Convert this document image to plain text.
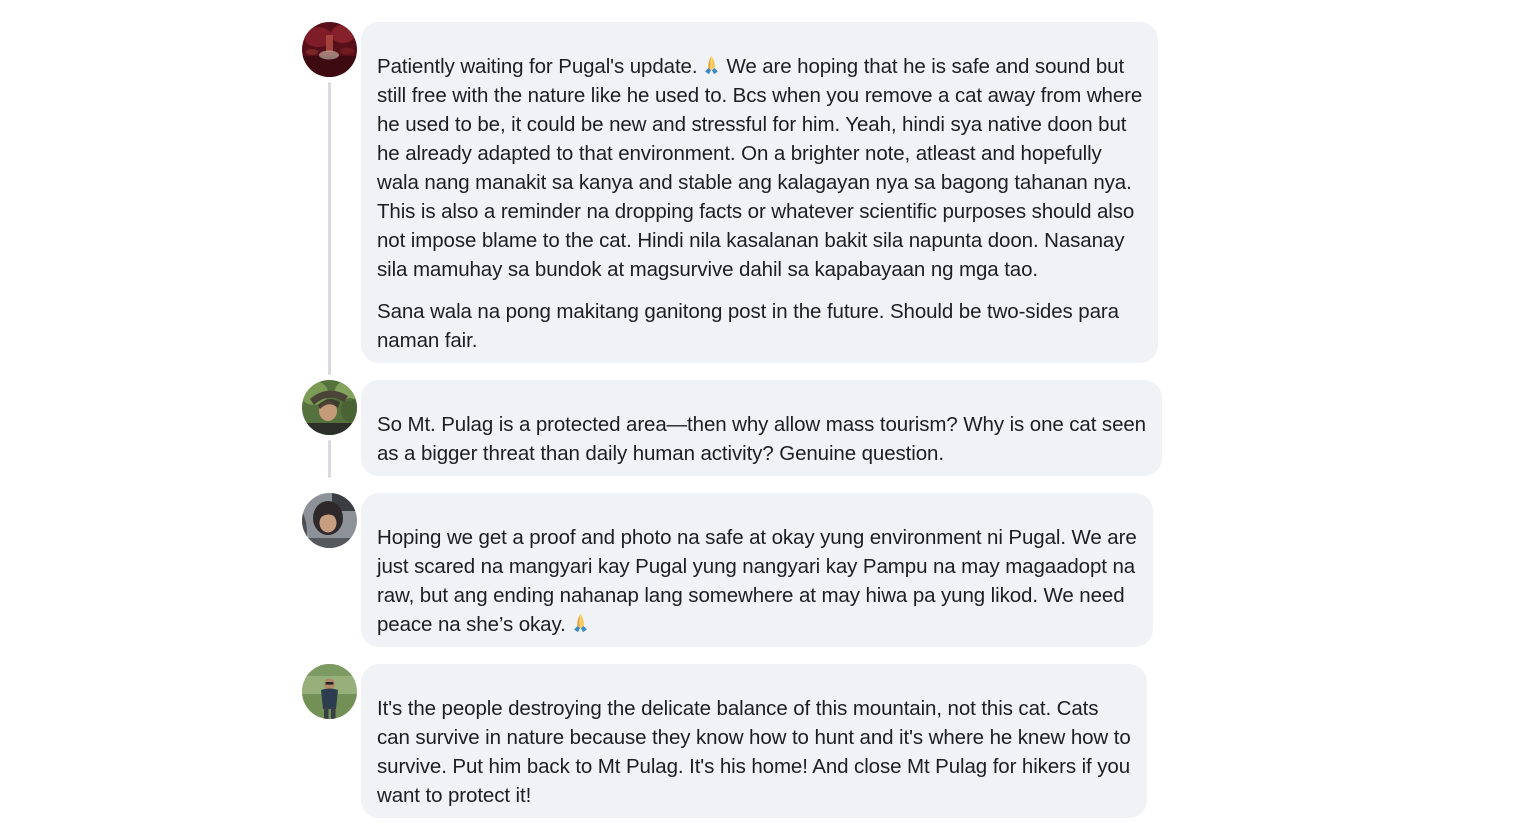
Patiently waiting for Pugal's update. We are hoping that he is safe and sound but
still free with the nature like he used to. Bcs when you remove a cat away from where
he used to be, it could be new and stressful for him. Yeah, hindi sya native doon but
he already adapted to that environment. On a brighter note, atleast and hopefully
wala nang manakit sa kanya and stable ang kalagayan nya sa bagong tahanan nya.
This is also a reminder na dropping facts or whatever scientific purposes should also
not impose blame to the cat. Hindi nila kasalanan bakit sila napunta doon. Nasanay
sila mamuhay sa bundok at magsurvive dahil sa kapabayaan ng mga tao.

Sana wala na pong makitang ganitong post in the future. Should be two-sides para
naman fair.

So Mt. Pulag is a protected area—then why allow mass tourism? Why is one cat seen
as a bigger threat than daily human activity? Genuine question.

Hoping we get a proof and photo na safe at okay yung environment ni Pugal. We are
just scared na mangyari kay Pugal yung nangyari kay Pampu na may magaadopt na
raw, but ang ending nahanap lang somewhere at may hiwa pa yung likod. We need
peace na she’s okay.

It's the people destroying the delicate balance of this mountain, not this cat. Cats
can survive in nature because they know how to hunt and it's where he knew how to
survive. Put him back to Mt Pulag. It's his home! And close Mt Pulag for hikers if you
want to protect it!
